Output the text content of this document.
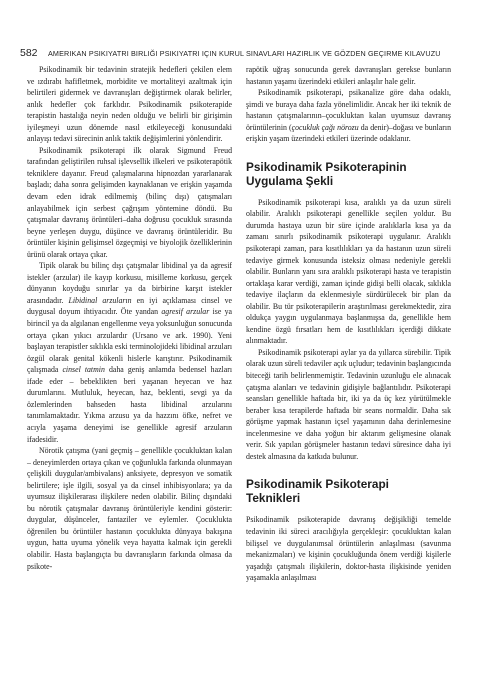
582 AMERIKAN PSIKIYATRI BIRLIĞI PSIKIYATRI IÇIN KURUL SINAVLARI HAZIRLIK VE GÖZDEN GEÇIRME KILAVUZU

Psikodinamik bir tedavinin stratejik hedefleri çekilen elem ve ızdırabı hafifletmek, morbidite ve mortaliteyi azaltmak için belirtileri gidermek ve davranışları değiştirmek olarak belirler, anlık hedefler çok farklıdır. Psikodinamik psikoterapide terapistin hastalığa neyin neden olduğu ve belirli bir girişimin iyileşmeyi uzun dönemde nasıl etkileyeceği konusundaki anlayışı tedavi sürecinin anlık taktik değişimlerini yönlendirir.

Psikodinamik psikoterapi ilk olarak Sigmund Freud tarafından geliştirilen ruhsal işlevsellik ilkeleri ve psikoterapötik tekniklere dayanır. Freud çalışmalarına hipnozdan yararlanarak başladı; daha sonra gelişimden kaynaklanan ve erişkin yaşamda devam eden idrak edilmemiş (bilinç dışı) çatışmaları anlayabilmek için serbest çağrışım yöntemine döndü. Bu çatışmalar davranış örüntüleri–daha doğrusu çocukluk sırasında beyne yerleşen duygu, düşünce ve davranış örüntüleridir. Bu örüntüler kişinin gelişimsel özgeçmişi ve biyolojik özelliklerinin ürünü olarak ortaya çıkar.

Tipik olarak bu bilinç dışı çatışmalar libidinal ya da agresif istekler (arzular) ile kayıp korkusu, misilleme korkusu, gerçek dünyanın koyduğu sınırlar ya da birbirine karşıt istekler arasındadır. Libidinal arzuların en iyi açıklaması cinsel ve duygusal doyum ihtiyacıdır. Öte yandan agresif arzular ise ya birincil ya da algılanan engellenme veya yoksunluğun sonucunda ortaya çıkan yıkıcı arzulardır (Ursano ve ark. 1990). Yeni başlayan terapistler sıklıkla eski terminolojideki libidinal arzuları özgül olarak genital kökenli hislerle karıştırır. Psikodinamik çalışmada cinsel tatmin daha geniş anlamda bedensel hazları ifade eder – bebeklikten beri yaşanan heyecan ve haz durumlarını. Mutluluk, heyecan, haz, beklenti, sevgi ya da özlemlerinden bahseden hasta libidinal arzularını tanımlamaktadır. Yıkma arzusu ya da hazzını öfke, nefret ve acıyla yaşama deneyimi ise genellikle agresif arzuların ifadesidir.

Nörotik çatışma (yani geçmiş – genellikle çocukluktan kalan – deneyimlerden ortaya çıkan ve çoğunlukla farkında olunmayan çelişkili duygular/ambivalans) anksiyete, depresyon ve somatik belirtilere; işle ilgili, sosyal ya da cinsel inhibisyonlara; ya da uyumsuz ilişkilerarası ilişkilere neden olabilir. Bilinç dışındaki bu nörotik çatışmalar davranış örüntüleriyle kendini gösterir: duygular, düşünceler, fantaziler ve eylemler. Çocuklukta öğrenilen bu örüntüler hastanın çocuklukta dünyaya bakışına uygun, hatta uyuma yönelik veya hayatta kalmak için gerekli olabilir. Hasta başlangıçta bu davranışların farkında olmasa da psikote-

rapötik uğraş sonucunda gerek davranışları gerekse bunların hastanın yaşamı üzerindeki etkileri anlaşılır hale gelir.

Psikodinamik psikoterapi, psikanalize göre daha odaklı, şimdi ve buraya daha fazla yönelimlidir. Ancak her iki teknik de hastanın çatışmalarının–çocukluktan kalan uyumsuz davranış örüntülerinin (çocukluk çağı nörozu da denir)–doğası ve bunların erişkin yaşam üzerindeki etkileri üzerinde odaklanır.

Psikodinamik Psikoterapinin
Uygulama Şekli

Psikodinamik psikoterapi kısa, aralıklı ya da uzun süreli olabilir. Aralıklı psikoterapi genellikle seçilen yoldur. Bu durumda hastaya uzun bir süre içinde aralıklarla kısa ya da zamanı sınırlı psikodinamik psikoterapi uygulanır. Aralıklı psikoterapi zaman, para kısıtlılıkları ya da hastanın uzun süreli tedaviye girmek konusunda isteksiz olması nedeniyle gerekli olabilir. Bunların yanı sıra aralıklı psikoterapi hasta ve terapistin ortaklaşa karar verdiği, zaman içinde gidişi belli olacak, sıklıkla tedaviye ilaçların da eklenmesiyle sürdürülecek bir plan da olabilir. Bu tür psikoterapilerin araştırılması gerekmektedir, zira oldukça yaygın uygulanmaya başlanmışsa da, genellikle hem kendine özgü fırsatları hem de kısıtlılıkları içerdiği dikkate alınmaktadır.

Psikodinamik psikoterapi aylar ya da yıllarca sürebilir. Tipik olarak uzun süreli tedaviler açık uçludur; tedavinin başlangıcında biteceği tarih belirlenmemiştir. Tedavinin uzunluğu ele alınacak çatışma alanları ve tedavinin gidişiyle bağlantılıdır. Psikoterapi seansları genellikle haftada bir, iki ya da üç kez yürütülmekle beraber kısa terapilerde haftada bir seans normaldir. Daha sık görüşme yapmak hastanın içsel yaşamının daha derinlemesine incelenmesine ve daha yoğun bir aktarım gelişmesine olanak verir. Sık yapılan görüşmeler hastanın tedavi süresince daha iyi destek almasına da katkıda bulunur.

Psikodinamik Psikoterapi
Teknikleri

Psikodinamik psikoterapide davranış değişikliği temelde tedavinin iki süreci aracılığıyla gerçekleşir: çocukluktan kalan bilişsel ve duygulanımsal örüntülerin anlaşılması (savunma mekanizmaları) ve kişinin çocukluğunda önem verdiği kişilerle yaşadığı çatışmalı ilişkilerin, doktor-hasta ilişkisinde yeniden yaşamakla anlaşılması
